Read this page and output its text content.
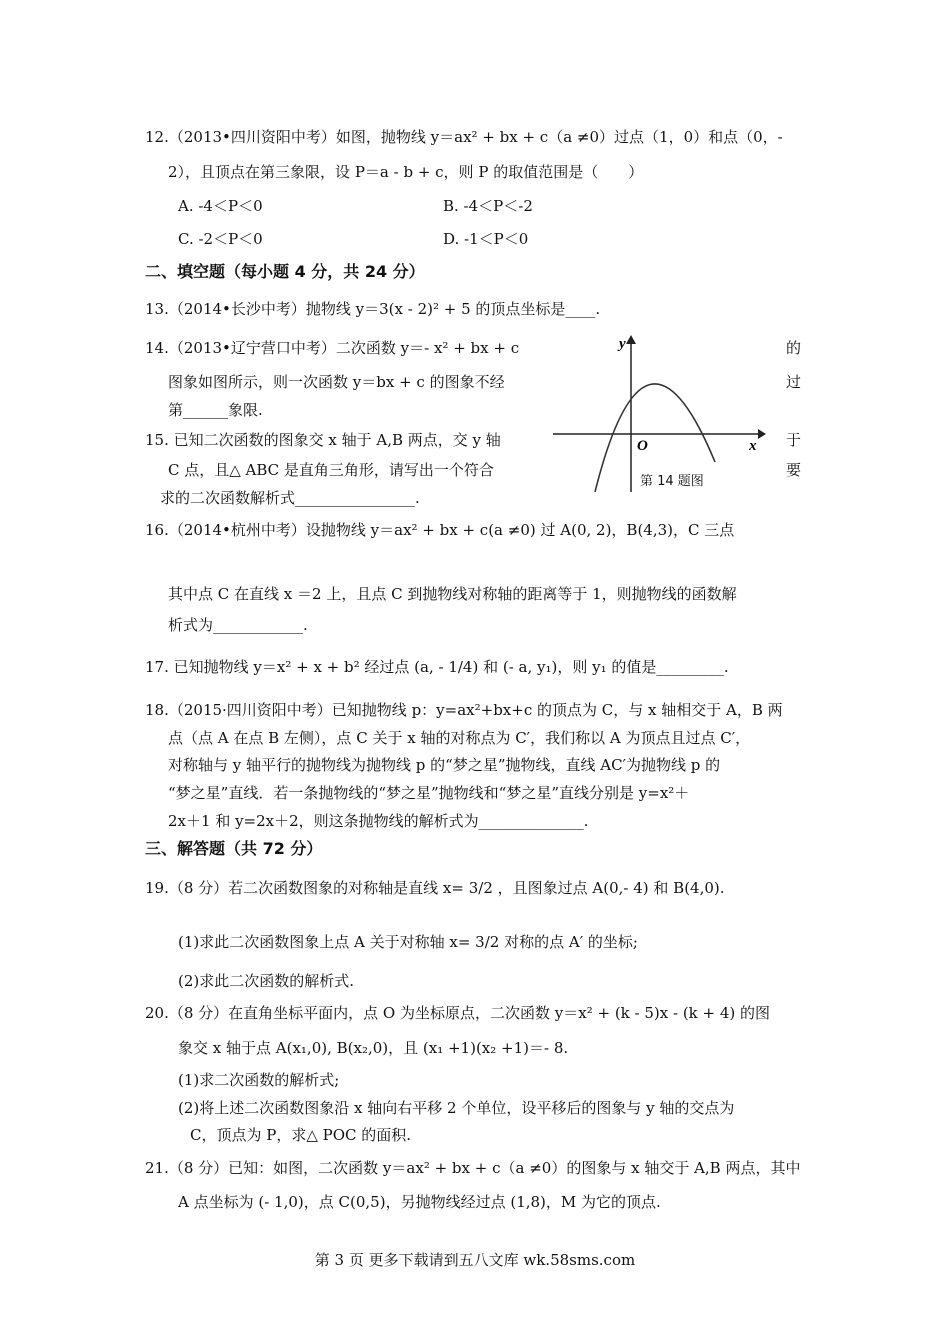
12.（2013•四川资阳中考）如图，抛物线 y＝ax² + bx + c（a ≠0）过点（1，0）和点（0，-
2），且顶点在第三象限，设 P＝a - b + c，则 P 的取值范围是（　　）
A. -4＜P＜0	B. -4＜P＜-2
C. -2＜P＜0	D. -1＜P＜0
二、填空题（每小题 4 分，共 24 分）
13.（2014•长沙中考）抛物线 y＝3(x - 2)² + 5 的顶点坐标是____.
14.（2013•辽宁营口中考）二次函数 y＝- x² + bx + c	的
图象如图所示，则一次函数 y＝bx + c 的图象不经	过
第______象限.
15. 已知二次函数的图象交 x 轴于 A,B 两点，交 y 轴	于
C 点，且△ ABC 是直角三角形，请写出一个符合	要
求的二次函数解析式________________.
x
y
O
第 14 题图
16.（2014•杭州中考）设抛物线 y＝ax² + bx + c(a ≠0) 过 A(0, 2)，B(4,3)，C 三点
其中点 C 在直线 x ＝2 上，且点 C 到抛物线对称轴的距离等于 1，则抛物线的函数解
析式为____________.
17. 已知抛物线 y＝x² + x + b² 经过点 (a, - 1/4) 和 (- a, y₁)，则 y₁ 的值是_________.
18.（2015·四川资阳中考）已知抛物线 p：y=ax²+bx+c 的顶点为 C，与 x 轴相交于 A，B 两
点（点 A 在点 B 左侧），点 C 关于 x 轴的对称点为 C′，我们称以 A 为顶点且过点 C′，
对称轴与 y 轴平行的抛物线为抛物线 p 的“梦之星”抛物线，直线 AC′为抛物线 p 的
“梦之星”直线．若一条抛物线的“梦之星”抛物线和“梦之星”直线分别是 y=x²＋
2x＋1 和 y=2x＋2，则这条抛物线的解析式为______________.
三、解答题（共 72 分）
19.（8 分）若二次函数图象的对称轴是直线 x= 3/2 ，且图象过点 A(0,- 4) 和 B(4,0).
(1)求此二次函数图象上点 A 关于对称轴 x= 3/2 对称的点 A′ 的坐标;
(2)求此二次函数的解析式.
20.（8 分）在直角坐标平面内，点 O 为坐标原点，二次函数 y＝x² + (k - 5)x - (k + 4) 的图
象交 x 轴于点 A(x₁,0), B(x₂,0)，且 (x₁ +1)(x₂ +1)＝- 8.
(1)求二次函数的解析式;
(2)将上述二次函数图象沿 x 轴向右平移 2 个单位，设平移后的图象与 y 轴的交点为
C，顶点为 P，求△ POC 的面积.
21.（8 分）已知：如图，二次函数 y＝ax² + bx + c（a ≠0）的图象与 x 轴交于 A,B 两点，其中
A 点坐标为 (- 1,0)，点 C(0,5)，另抛物线经过点 (1,8)，M 为它的顶点.
第 3 页 更多下载请到五八文库 wk.58sms.com
